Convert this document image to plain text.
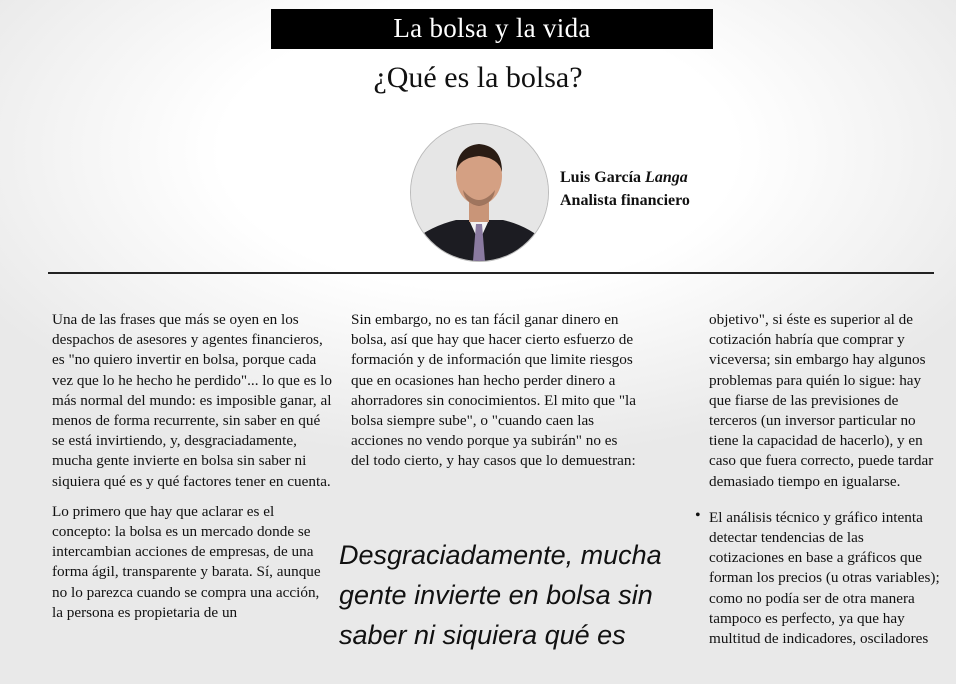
La bolsa y la vida
¿Qué es la bolsa?
Luis García Langa
Analista financiero

Una de las frases que más se oyen en los despachos de asesores y agentes financieros, es "no quiero invertir en bolsa, porque cada vez que lo he hecho he perdido"... lo que es lo más normal del mundo: es imposible ganar, al menos de forma recurrente, sin saber en qué se está invirtiendo, y, desgraciadamente, mucha gente invierte en bolsa sin saber ni siquiera qué es y qué factores tener en cuenta.

Lo primero que hay que aclarar es el concepto: la bolsa es un mercado donde se intercambian acciones de empresas, de una forma ágil, transparente y barata. Sí, aunque no lo parezca cuando se compra una acción, la persona es propietaria de un

Sin embargo, no es tan fácil ganar dinero en bolsa, así que hay que hacer cierto esfuerzo de formación y de información que limite riesgos que en ocasiones han hecho perder dinero a ahorradores sin conocimientos. El mito que "la bolsa siempre sube", o "cuando caen las acciones no vendo porque ya subirán" no es del todo cierto, y hay casos que lo demuestran:

Desgraciadamente, mucha gente invierte en bolsa sin saber ni siquiera qué es

objetivo", si éste es superior al de cotización habría que comprar y viceversa; sin embargo hay algunos problemas para quién lo sigue: hay que fiarse de las previsiones de terceros (un inversor particular no tiene la capacidad de hacerlo), y en caso que fuera correcto, puede tardar demasiado tiempo en igualarse.

• El análisis técnico y gráfico intenta detectar tendencias de las cotizaciones en base a gráficos que forman los precios (u otras variables); como no podía ser de otra manera tampoco es perfecto, ya que hay multitud de indicadores, osciladores
